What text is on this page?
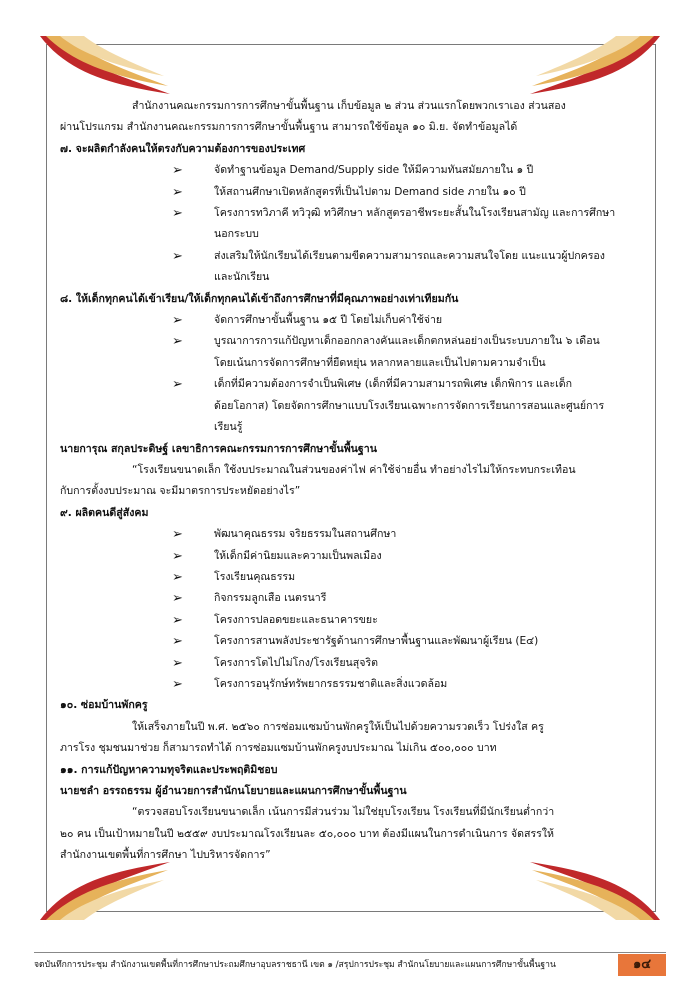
สำนักงานคณะกรรมการการศึกษาขั้นพื้นฐาน เก็บข้อมูล ๒ ส่วน ส่วนแรกโดยพวกเราเอง ส่วนสอง

ผ่านโปรแกรม สำนักงานคณะกรรมการการศึกษาขั้นพื้นฐาน สามารถใช้ข้อมูล ๑๐ มิ.ย. จัดทำข้อมูลได้

๗. จะผลิตกำลังคนให้ตรงกับความต้องการของประเทศ

➢	จัดทำฐานข้อมูล Demand/Supply side ให้มีความทันสมัยภายใน ๑ ปี

➢	ให้สถานศึกษาเปิดหลักสูตรที่เป็นไปตาม Demand side ภายใน ๑๐ ปี

➢	โครงการทวิภาคี ทวิวุฒิ ทวิศึกษา หลักสูตรอาชีพระยะสั้นในโรงเรียนสามัญ และการศึกษา

นอกระบบ

➢	ส่งเสริมให้นักเรียนได้เรียนตามขีดความสามารถและความสนใจโดย แนะแนวผู้ปกครอง

และนักเรียน

๘. ให้เด็กทุกคนได้เข้าเรียน/ให้เด็กทุกคนได้เข้าถึงการศึกษาที่มีคุณภาพอย่างเท่าเทียมกัน

➢	จัดการศึกษาขั้นพื้นฐาน ๑๕ ปี โดยไม่เก็บค่าใช้จ่าย

➢	บูรณาการการแก้ปัญหาเด็กออกกลางคันและเด็กตกหล่นอย่างเป็นระบบภายใน ๖ เดือน

โดยเน้นการจัดการศึกษาที่ยืดหยุ่น หลากหลายและเป็นไปตามความจำเป็น

➢	เด็กที่มีความต้องการจำเป็นพิเศษ (เด็กที่มีความสามารถพิเศษ เด็กพิการ และเด็ก

ด้อยโอกาส) โดยจัดการศึกษาแบบโรงเรียนเฉพาะการจัดการเรียนการสอนและศูนย์การ

เรียนรู้

นายการุณ สกุลประดิษฐ์ เลขาธิการคณะกรรมการการศึกษาขั้นพื้นฐาน

“โรงเรียนขนาดเล็ก ใช้งบประมาณในส่วนของค่าไฟ ค่าใช้จ่ายอื่น ทำอย่างไรไม่ให้กระทบกระเทือน

กับการตั้งงบประมาณ จะมีมาตรการประหยัดอย่างไร”

๙. ผลิตคนดีสู่สังคม

➢	พัฒนาคุณธรรม จริยธรรมในสถานศึกษา

➢	ให้เด็กมีค่านิยมและความเป็นพลเมือง

➢	โรงเรียนคุณธรรม

➢	กิจกรรมลูกเสือ เนตรนารี

➢	โครงการปลอดขยะและธนาคารขยะ

➢	โครงการสานพลังประชารัฐด้านการศึกษาพื้นฐานและพัฒนาผู้เรียน (E๔)

➢	โครงการโตไปไม่โกง/โรงเรียนสุจริต

➢	โครงการอนุรักษ์ทรัพยากรธรรมชาติและสิ่งแวดล้อม

๑๐. ซ่อมบ้านพักครู

ให้เสร็จภายในปี พ.ศ. ๒๕๖๐ การซ่อมแซมบ้านพักครูให้เป็นไปด้วยความรวดเร็ว โปร่งใส ครู

ภารโรง ชุมชนมาช่วย ก็สามารถทำได้ การซ่อมแซมบ้านพักครูงบประมาณ ไม่เกิน ๕๐๐,๐๐๐ บาท

๑๑. การแก้ปัญหาความทุจริตและประพฤติมิชอบ

นายชลำ อรรถธรรม ผู้อำนวยการสำนักนโยบายและแผนการศึกษาขั้นพื้นฐาน

“ตรวจสอบโรงเรียนขนาดเล็ก เน้นการมีส่วนร่วม ไม่ใช่ยุบโรงเรียน โรงเรียนที่มีนักเรียนต่ำกว่า

๒๐ คน เป็นเป้าหมายในปี ๒๕๕๙ งบประมาณโรงเรียนละ ๕๐,๐๐๐ บาท ต้องมีแผนในการดำเนินการ จัดสรรให้

สำนักงานเขตพื้นที่การศึกษา ไปบริหารจัดการ”

จดบันทึกการประชุม สำนักงานเขตพื้นที่การศึกษาประถมศึกษาอุบลราชธานี เขต ๑ /สรุปการประชุม สำนักนโยบายและแผนการศึกษาขั้นพื้นฐาน	๑๔
